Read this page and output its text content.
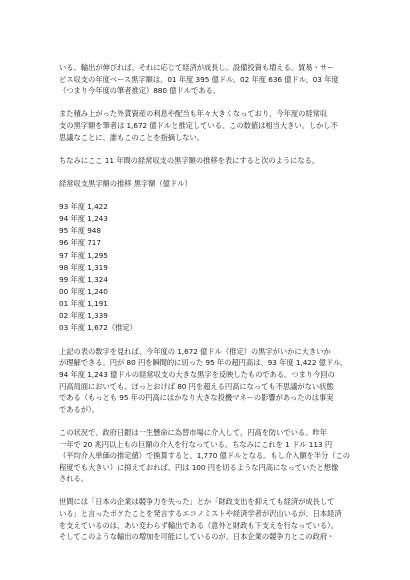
いる。輸出が伸びれば、それに応じて経済が成長し、設備投資も増える。貿易・サー

ビス収支の年度ベース黒字額は、01 年度 395 億ドル、02 年度 636 億ドル、03 年度

（つまり今年度の筆者推定）880 億ドルである。

また積み上がった外貨資産の利息や配当も年々大きくなっており、今年度の経常収

支の黒字額を筆者は 1,672 億ドルと推定している。この数値は相当大きい。しかし不

思議なことに、誰もこのことを指摘しない。

ちなみにここ 11 年間の経常収支の黒字額の推移を表にすると次のようになる。

経常収支黒字額の推移 黒字額（億ドル）

93 年度 1,422

94 年度 1,243

95 年度 948

96 年度 717

97 年度 1,295

98 年度 1,319

99 年度 1,324

00 年度 1,240

01 年度 1,191

02 年度 1,339

03 年度 1,672（推定）

上記の表の数字を見れば、今年度の 1,672 億ドル（推定）の黒字がいかに大きいか

が理解できる。円が 80 円を瞬間的に切った 95 年の超円高は、93 年度 1,422 億ドル、

94 年度 1,243 億ドルの経常収支の大きな黒字を反映したものである。つまり今回の

円高局面においても、ほっとおけば 80 円を超える円高になっても不思議がない状態

である（もっとも 95 年の円高にはかなり大きな投機マネーの影響があったのは事実

であるが）。

この状況で、政府日銀は一生懸命に為替市場に介入して、円高を防いでいる。昨年

一年で 20 兆円以上もの巨額の介入を行なっている。ちなみにこれを 1 ドル 113 円

（平均介入単価の推定値）で換算すると、1,770 億ドルとなる。もし介入額を半分（この

程度でも大きい）に抑えておれば、円は 100 円を切るような円高になっていたと想像

される。

世間には「日本の企業は競争力を失った」とか「財政支出を抑えても経済が成長して

いる」と言ったボケたことを発言するエコノミストや経済学者が沢山いるが、日本経済

を支えているのは、あい変わらず輸出である（意外と財政も下支えを行なっている）。

そしてこのような輸出の増加を可能にしているのが、日本企業の競争力とこの政府・
